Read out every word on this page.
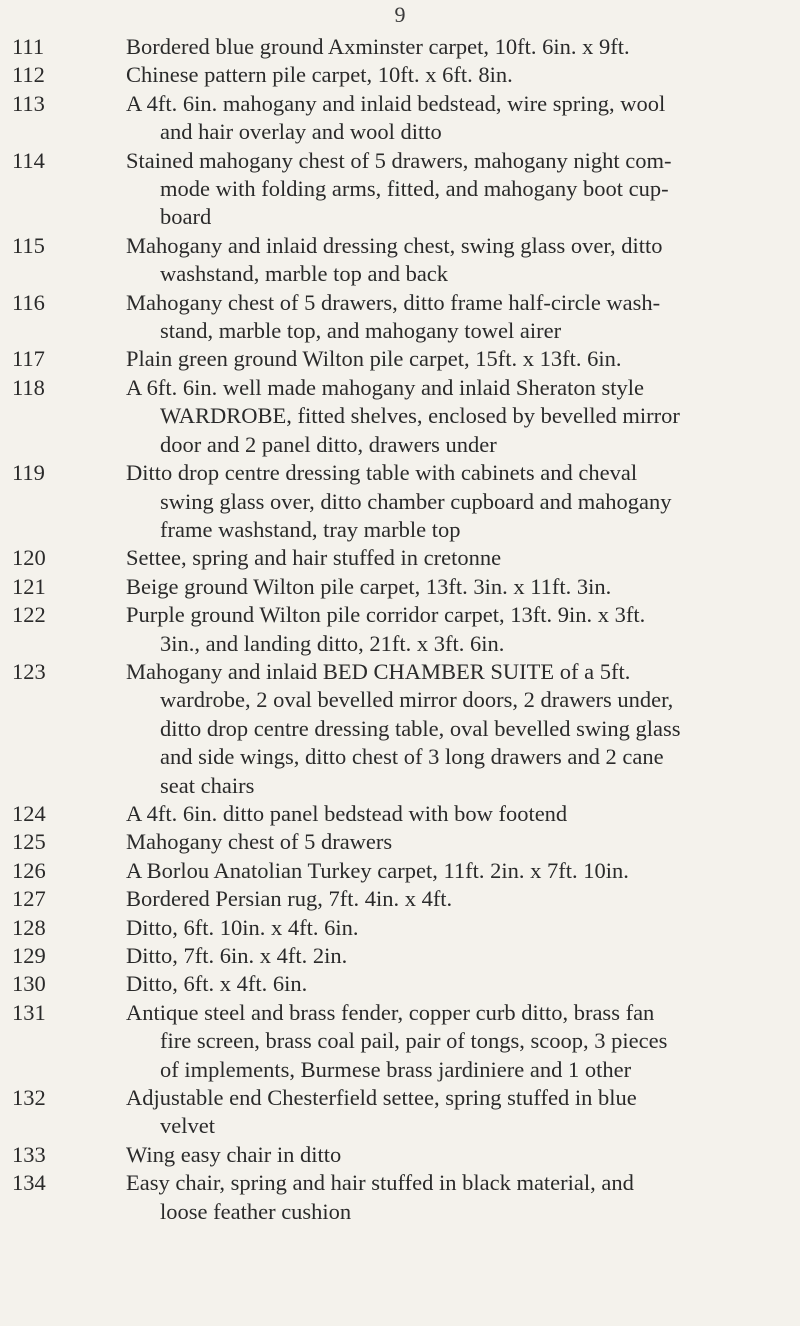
9
111	Bordered blue ground Axminster carpet, 10ft. 6in. x 9ft.
112	Chinese pattern pile carpet, 10ft. x 6ft. 8in.
113	A 4ft. 6in. mahogany and inlaid bedstead, wire spring, wool
and hair overlay and wool ditto
114	Stained mahogany chest of 5 drawers, mahogany night com-
mode with folding arms, fitted, and mahogany boot cup-
board
115	Mahogany and inlaid dressing chest, swing glass over, ditto
washstand, marble top and back
116	Mahogany chest of 5 drawers, ditto frame half-circle wash-
stand, marble top, and mahogany towel airer
117	Plain green ground Wilton pile carpet, 15ft. x 13ft. 6in.
118	A 6ft. 6in. well made mahogany and inlaid Sheraton style
WARDROBE, fitted shelves, enclosed by bevelled mirror
door and 2 panel ditto, drawers under
119	Ditto drop centre dressing table with cabinets and cheval
swing glass over, ditto chamber cupboard and mahogany
frame washstand, tray marble top
120	Settee, spring and hair stuffed in cretonne
121	Beige ground Wilton pile carpet, 13ft. 3in. x 11ft. 3in.
122	Purple ground Wilton pile corridor carpet, 13ft. 9in. x 3ft.
3in., and landing ditto, 21ft. x 3ft. 6in.
123	Mahogany and inlaid BED CHAMBER SUITE of a 5ft.
wardrobe, 2 oval bevelled mirror doors, 2 drawers under,
ditto drop centre dressing table, oval bevelled swing glass
and side wings, ditto chest of 3 long drawers and 2 cane
seat chairs
124	A 4ft. 6in. ditto panel bedstead with bow footend
125	Mahogany chest of 5 drawers
126	A Borlou Anatolian Turkey carpet, 11ft. 2in. x 7ft. 10in.
127	Bordered Persian rug, 7ft. 4in. x 4ft.
128	Ditto, 6ft. 10in. x 4ft. 6in.
129	Ditto, 7ft. 6in. x 4ft. 2in.
130	Ditto, 6ft. x 4ft. 6in.
131	Antique steel and brass fender, copper curb ditto, brass fan
fire screen, brass coal pail, pair of tongs, scoop, 3 pieces
of implements, Burmese brass jardiniere and 1 other
132	Adjustable end Chesterfield settee, spring stuffed in blue
velvet
133	Wing easy chair in ditto
134	Easy chair, spring and hair stuffed in black material, and
loose feather cushion
